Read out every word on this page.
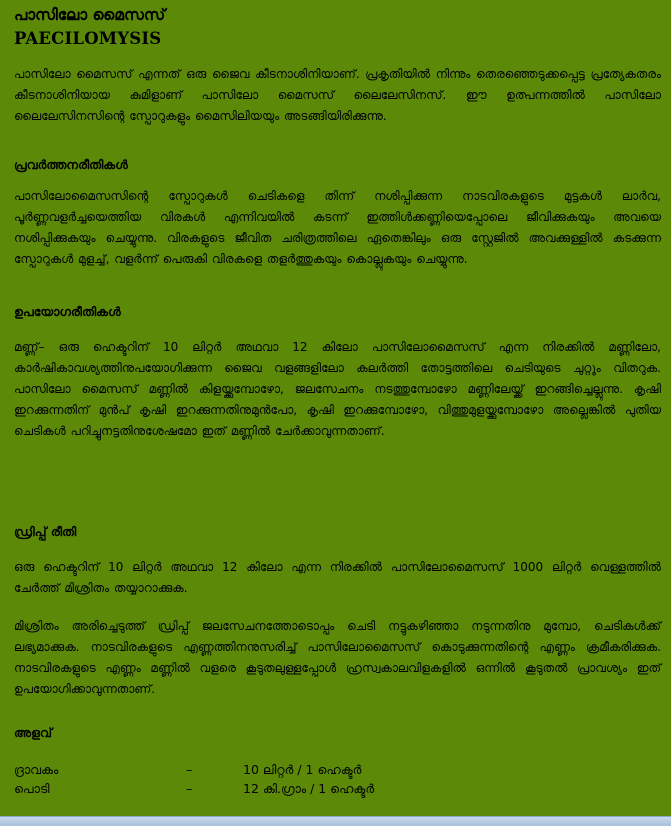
പാസിലോ മൈസസ്
PAECILOMYSIS

പാസിലോ മൈസസ് എന്നത് ഒരു ജൈവ കീടനാശിനിയാണ്. പ്രകൃതിയിൽ നിന്നും തെരഞ്ഞെടുക്കപ്പെട്ട പ്രത്യേകതരം കീടനാശിനിയായ കുമിളാണ് പാസിലോ മൈസസ് ലൈലേസിനസ്. ഈ ഉത്പന്നത്തിൽ പാസിലോ ലൈലേസിനസിന്റെ സ്പോറുകളും മൈസിലിയയും അടങ്ങിയിരിക്കുന്നു.

പ്രവർത്തനരീതികൾ

പാസിലോമൈസസിന്റെ സ്പോറുകൾ ചെടികളെ തിന്ന് നശിപ്പിക്കുന്ന നാടവിരകളുടെ മുട്ടകൾ ലാർവ, പൂർണ്ണവളർച്ചയെത്തിയ വിരകൾ എന്നിവയിൽ കടന്ന് ഇത്തിൾക്കണ്ണിയെപ്പോലെ ജീവിക്കുകയും അവയെ നശിപ്പിക്കുകയും ചെയ്യുന്നു. വിരകളുടെ ജീവിത ചരിത്രത്തിലെ ഏതെങ്കിലും ഒരു സ്റ്റേജിൽ അവക്കുള്ളിൽ കടക്കുന്ന സ്പോറുകൾ മുളച്ച്, വളർന്ന് പെരുകി വിരകളെ തളർത്തുകയും കൊല്ലുകയും ചെയ്യുന്നു.

ഉപയോഗരീതികൾ

മണ്ണ്– ഒരു ഹെക്ടറിന് 10 ലിറ്റർ അഥവാ 12 കിലോ പാസിലോമൈസസ് എന്ന നിരക്കിൽ മണ്ണിലോ, കാർഷികാവശ്യത്തിനുപയോഗിക്കുന്ന ജൈവ വളങ്ങളിലോ കലർത്തി തോട്ടത്തിലെ ചെടിയുടെ ചുറ്റും വിതറുക. പാസിലോ മൈസസ് മണ്ണിൽ കിളയ്ക്കുമ്പോഴോ, ജലസേചനം നടത്തുമ്പോഴോ മണ്ണിലേയ്ക്ക് ഇറങ്ങിച്ചെല്ലുന്നു. കൃഷി ഇറക്കുന്നതിന് മുൻപ് കൃഷി ഇറക്കുന്നതിനുമുൻപോ, കൃഷി ഇറക്കുമ്പോഴോ, വിത്തുമുളയ്ക്കുമ്പോഴോ അല്ലെങ്കിൽ പുതിയ ചെടികൾ പറിച്ചുനട്ടതിനുശേഷമോ ഇത് മണ്ണിൽ ചേർക്കാവുന്നതാണ്.

ഡ്രിപ്പ് രീതി

ഒരു ഹെക്ടറിന് 10 ലിറ്റർ അഥവാ 12 കിലോ എന്ന നിരക്കിൽ പാസിലോമൈസസ് 1000 ലിറ്റർ വെള്ളത്തിൽ ചേർത്ത് മിശ്രിതം തയ്യാറാക്കുക.

മിശ്രിതം അരിച്ചെടുത്ത് ഡ്രിപ്പ് ജലസേചനത്തോടൊപ്പം ചെടി നട്ടുകഴിഞ്ഞാ നടുന്നതിനു മുമ്പോ, ചെടികൾക്ക് ലഭ്യമാക്കുക. നാടവിരകളുടെ എണ്ണത്തിനനുസരിച്ച് പാസിലോമൈസസ് കൊടുക്കുന്നതിന്റെ എണ്ണം ക്രമീകരിക്കുക. നാടവിരകളുടെ എണ്ണം മണ്ണിൽ വളരെ കൂടുതലുള്ളപ്പോൾ ഹ്രസ്വകാലവിളകളിൽ ഒന്നിൽ കൂടുതൽ പ്രാവശ്യം ഇത് ഉപയോഗിക്കാവുന്നതാണ്.

അളവ്
ദ്രാവകം	–	10 ലിറ്റർ / 1 ഹെക്ടർ
പൊടി	–	12 കി.ഗ്രാം / 1 ഹെക്ടർ
